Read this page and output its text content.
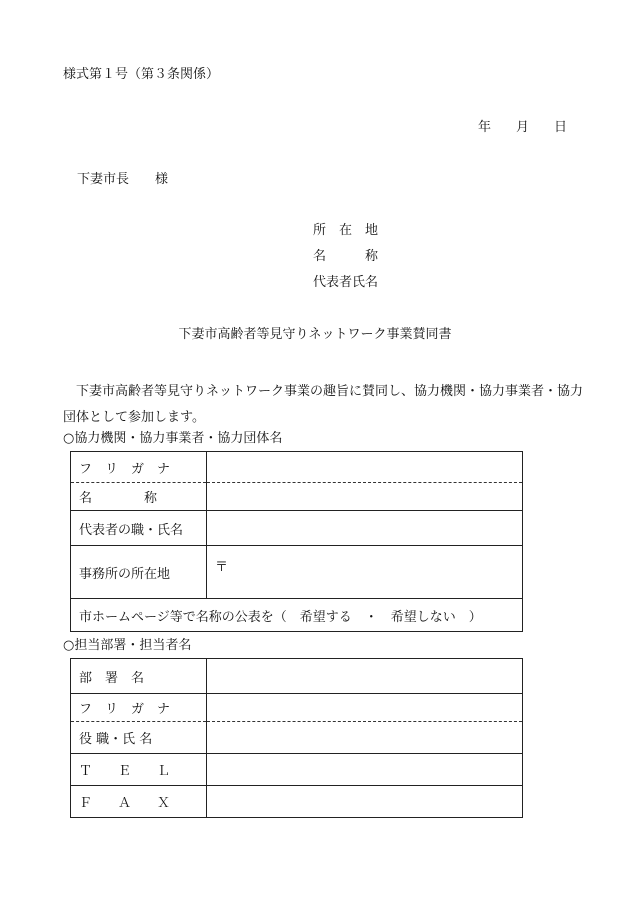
様式第１号（第３条関係）
年 月 日
下妻市長　　様
所　在　地
名　　　称
代表者氏名
下妻市高齢者等見守りネットワーク事業賛同書
下妻市高齢者等見守りネットワーク事業の趣旨に賛同し、協力機関・協力事業者・協力団体として参加します。
○協力機関・協力事業者・協力団体名
フ　リ　ガ　ナ	
名　　　　称	
代表者の職・氏名	
事務所の所在地	〒

市ホームページ等で名称の公表を（　希望する　・　希望しない　）	
○担当部署・担当者名
部　署　名	
フ　リ　ガ　ナ	
役 職・氏 名	
Ｔ　　Ｅ　　Ｌ	
Ｆ　　Ａ　　Ｘ	
